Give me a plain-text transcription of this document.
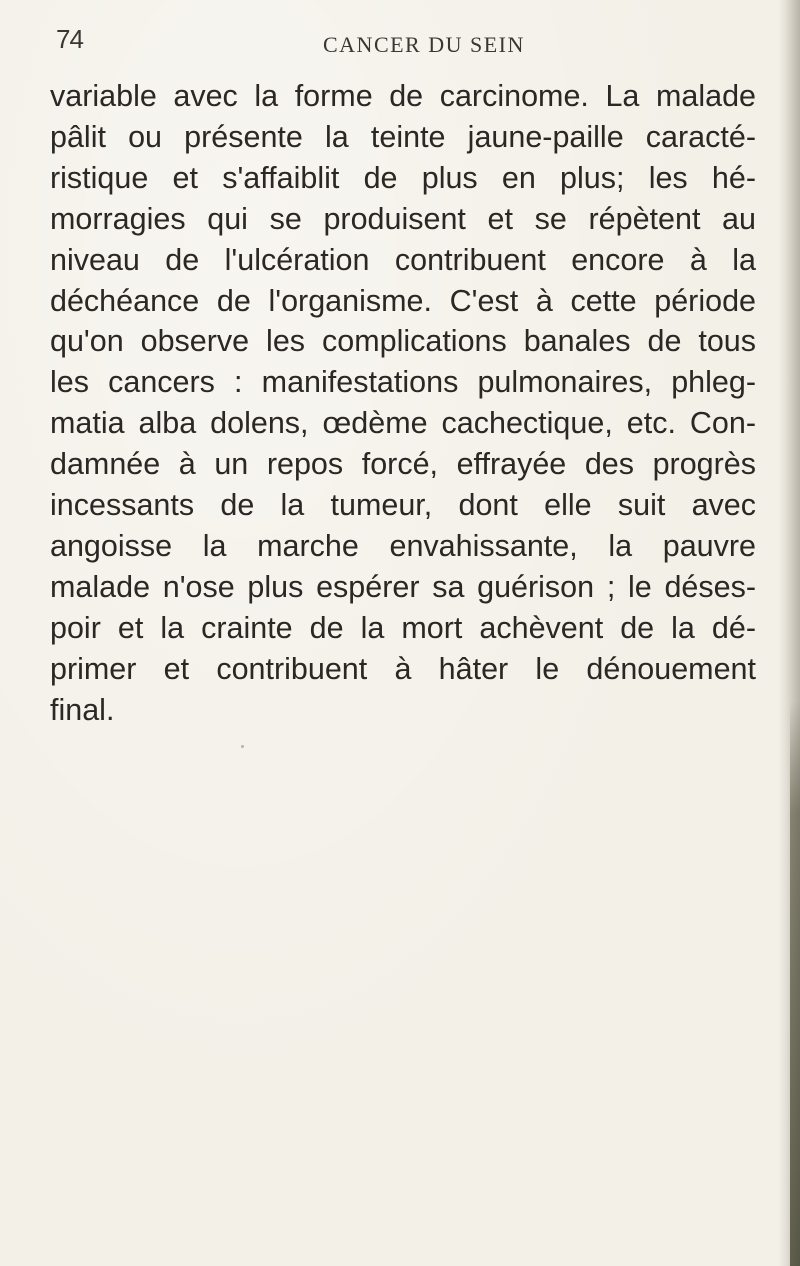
74	CANCER DU SEIN
variable avec la forme de carcinome. La malade
pâlit ou présente la teinte jaune-paille caracté-
ristique et s'affaiblit de plus en plus; les hé-
morragies qui se produisent et se répètent au
niveau de l'ulcération contribuent encore à la
déchéance de l'organisme. C'est à cette période
qu'on observe les complications banales de tous
les cancers : manifestations pulmonaires, phleg-
matia alba dolens, œdème cachectique, etc. Con-
damnée à un repos forcé, effrayée des progrès
incessants de la tumeur, dont elle suit avec
angoisse la marche envahissante, la pauvre
malade n'ose plus espérer sa guérison ; le déses-
poir et la crainte de la mort achèvent de la dé-
primer et contribuent à hâter le dénouement
final.
